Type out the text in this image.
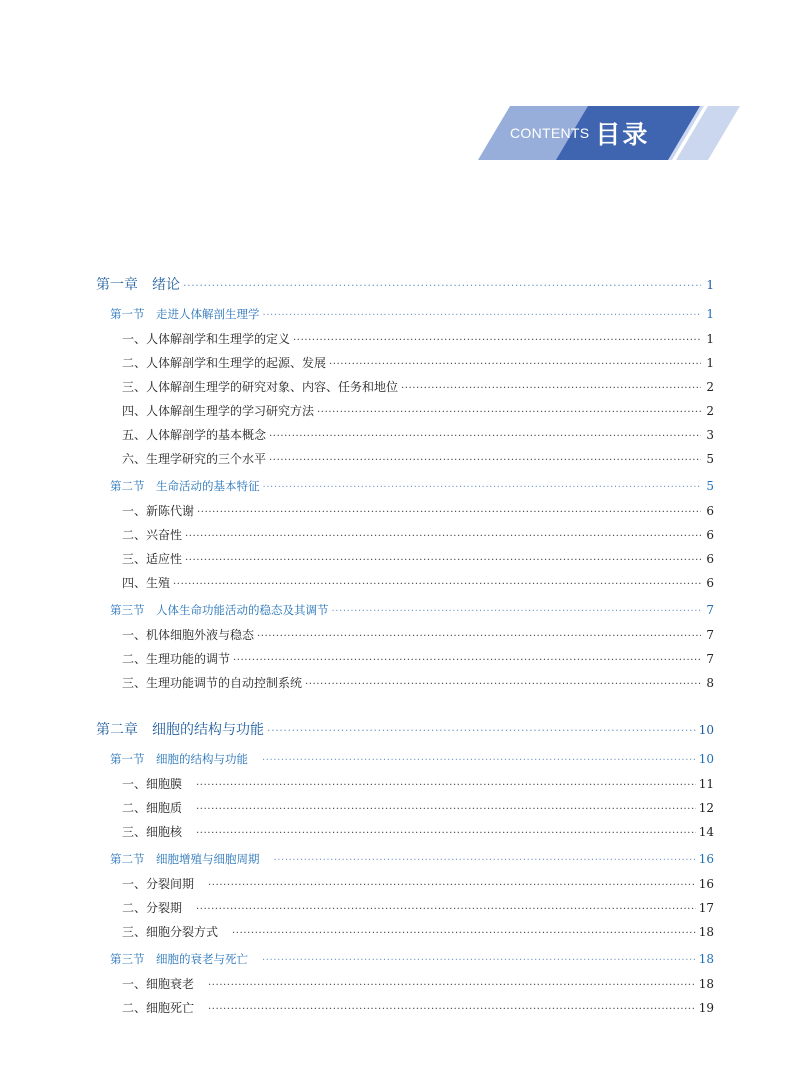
CONTENTS 目录
第一章　绪论 ·····	1
第一节　走进人体解剖生理学 ·····	1
一、人体解剖学和生理学的定义 ·····	1
二、人体解剖学和生理学的起源、发展 ·····	1
三、人体解剖生理学的研究对象、内容、任务和地位 ·····	2
四、人体解剖生理学的学习研究方法 ·····	2
五、人体解剖学的基本概念 ·····	3
六、生理学研究的三个水平 ·····	5
第二节　生命活动的基本特征 ·····	5
一、新陈代谢 ·····	6
二、兴奋性 ·····	6
三、适应性 ·····	6
四、生殖 ·····	6
第三节　人体生命功能活动的稳态及其调节 ·····	7
一、机体细胞外液与稳态 ·····	7
二、生理功能的调节 ·····	7
三、生理功能调节的自动控制系统 ·····	8
第二章　细胞的结构与功能 ·····	10
第一节　细胞的结构与功能 ·····	10
一、细胞膜 ·····	11
二、细胞质 ·····	12
三、细胞核 ·····	14
第二节　细胞增殖与细胞周期 ·····	16
一、分裂间期 ·····	16
二、分裂期 ·····	17
三、细胞分裂方式 ·····	18
第三节　细胞的衰老与死亡 ·····	18
一、细胞衰老 ·····	18
二、细胞死亡 ·····	19
